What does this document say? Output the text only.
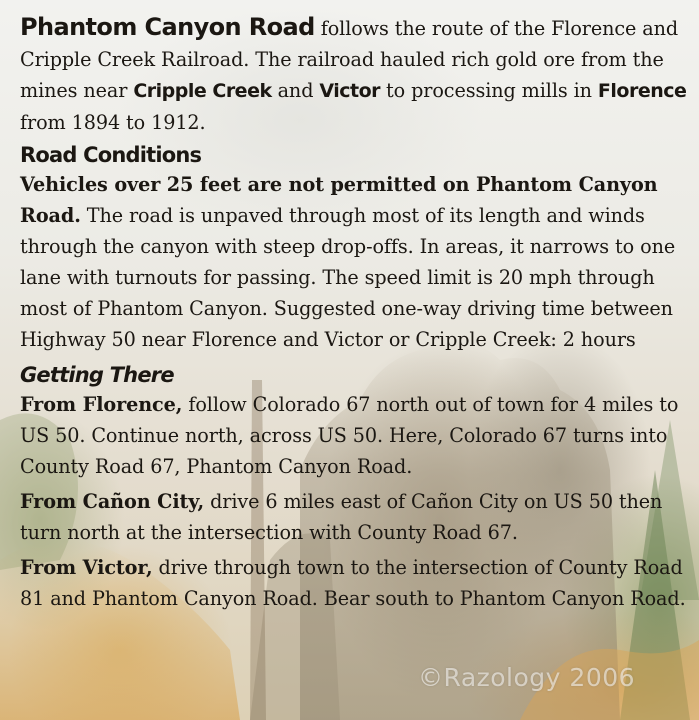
Phantom Canyon Road follows the route of the Florence and Cripple Creek Railroad. The railroad hauled rich gold ore from the mines near Cripple Creek and Victor to processing mills in Florence from 1894 to 1912.

Road Conditions

Vehicles over 25 feet are not permitted on Phantom Canyon Road. The road is unpaved through most of its length and winds through the canyon with steep drop-offs. In areas, it narrows to one lane with turnouts for passing. The speed limit is 20 mph through most of Phantom Canyon. Suggested one-way driving time between Highway 50 near Florence and Victor or Cripple Creek: 2 hours

Getting There

From Florence, follow Colorado 67 north out of town for 4 miles to US 50. Continue north, across US 50. Here, Colorado 67 turns into County Road 67, Phantom Canyon Road.

From Cañon City, drive 6 miles east of Cañon City on US 50 then turn north at the intersection with County Road 67.

From Victor, drive through town to the intersection of County Road 81 and Phantom Canyon Road. Bear south to Phantom Canyon Road.

©Razology 2006
